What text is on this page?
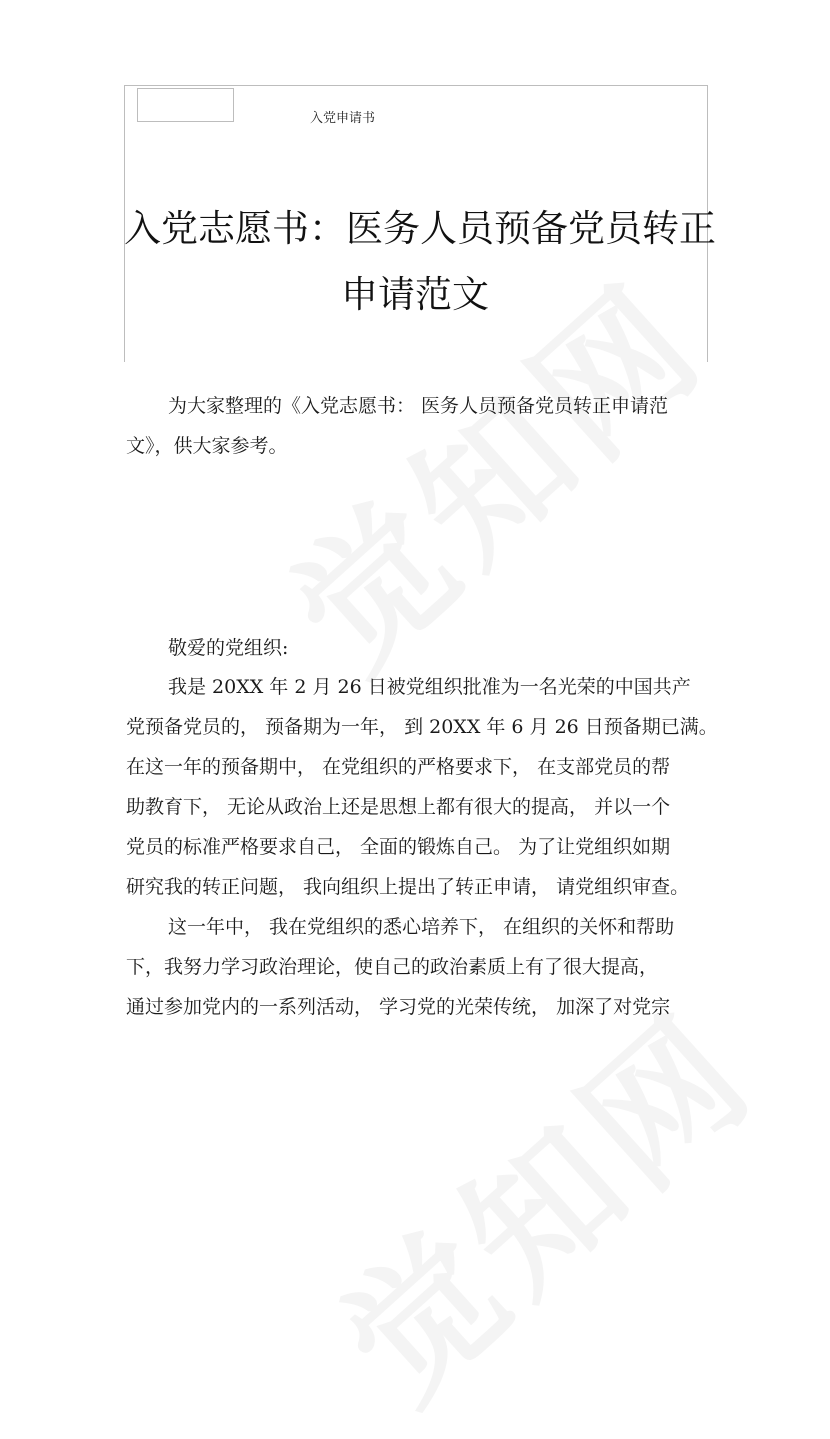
入党申请书
入党志愿书：医务人员预备党员转正
申请范文
为大家整理的《入党志愿书： 医务人员预备党员转正申请范
文》，供大家参考。
敬爱的党组织:
我是 20XX 年 2 月 26 日被党组织批准为一名光荣的中国共产
党预备党员的， 预备期为一年， 到 20XX 年 6 月 26 日预备期已满。
在这一年的预备期中， 在党组织的严格要求下， 在支部党员的帮
助教育下， 无论从政治上还是思想上都有很大的提高， 并以一个
党员的标准严格要求自己， 全面的锻炼自己。 为了让党组织如期
研究我的转正问题， 我向组织上提出了转正申请， 请党组织审查。
这一年中， 我在党组织的悉心培养下， 在组织的关怀和帮助
下，我努力学习政治理论，使自己的政治素质上有了很大提高，
通过参加党内的一系列活动， 学习党的光荣传统， 加深了对党宗
